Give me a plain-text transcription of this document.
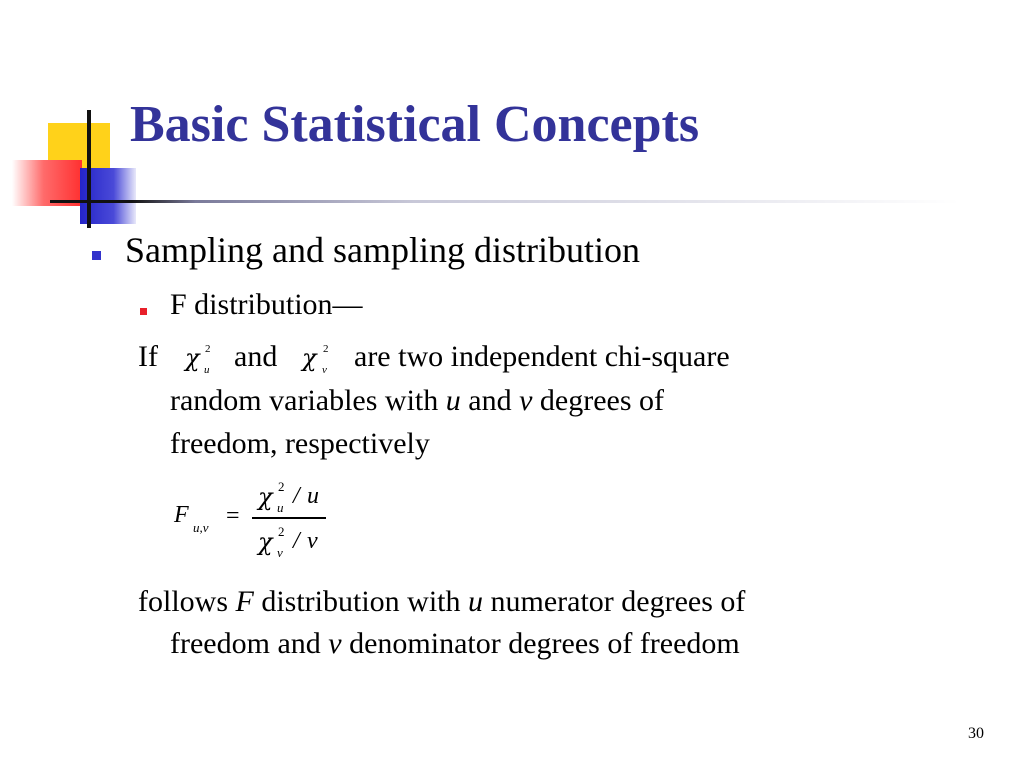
Basic Statistical Concepts
Sampling and sampling distribution
F distribution—
If χ 2
u and χ 2
v are two independent chi-square
random variables with u and v degrees of
freedom, respectively
F u,v =
χ 2
u / u
χ 2
v / v
follows F distribution with u numerator degrees of
freedom and v denominator degrees of freedom
30
